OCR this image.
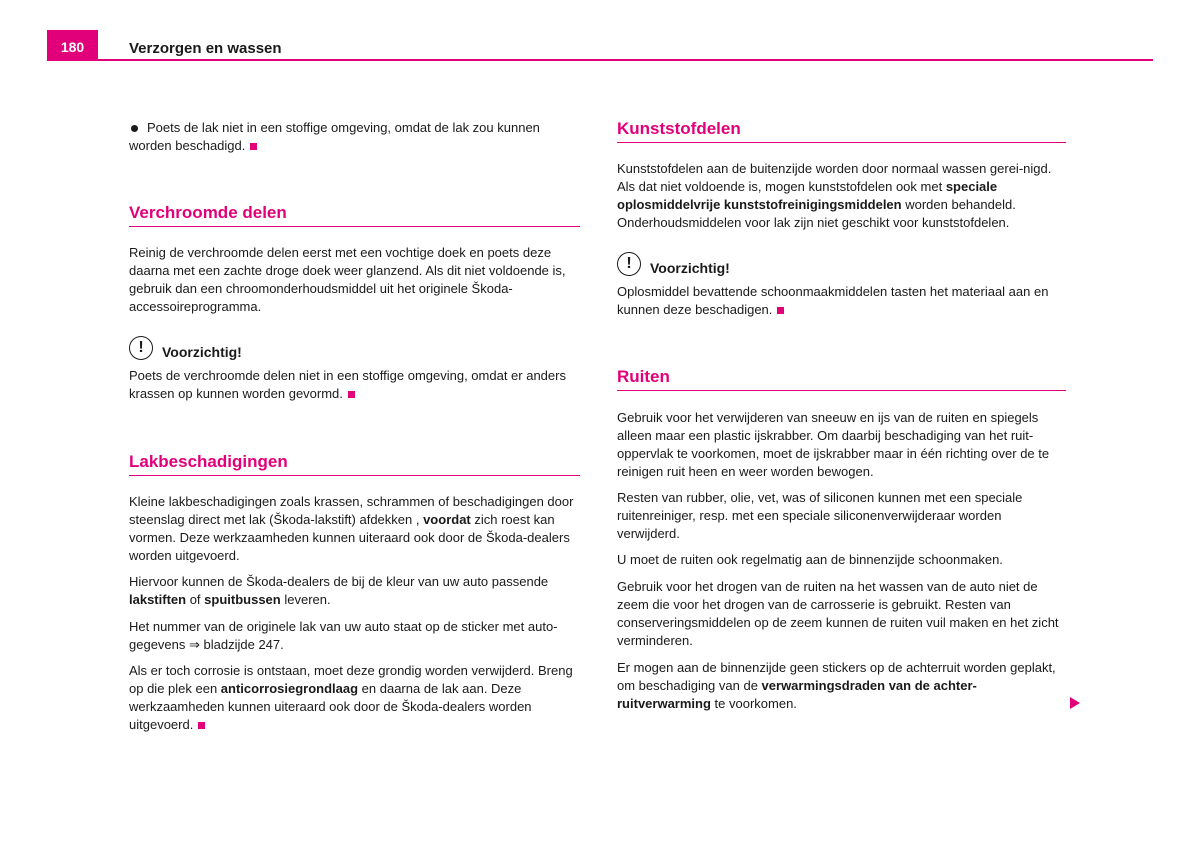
180	Verzorgen en wassen
Poets de lak niet in een stoffige omgeving, omdat de lak zou kunnen worden beschadigd.
Verchroomde delen
Reinig de verchroomde delen eerst met een vochtige doek en poets deze daarna met een zachte droge doek weer glanzend. Als dit niet voldoende is, gebruik dan een chroomonderhoudsmiddel uit het originele Škoda-accessoireprogramma.
!	Voorzichtig!
Poets de verchroomde delen niet in een stoffige omgeving, omdat er anders krassen op kunnen worden gevormd.
Lakbeschadigingen
Kleine lakbeschadigingen zoals krassen, schrammen of beschadigingen door steenslag direct met lak (Škoda-lakstift) afdekken , voordat zich roest kan vormen. Deze werkzaamheden kunnen uiteraard ook door de Škoda-dealers worden uitgevoerd.
Hiervoor kunnen de Škoda-dealers de bij de kleur van uw auto passende lakstiften of spuitbussen leveren.
Het nummer van de originele lak van uw auto staat op de sticker met auto-gegevens ⇒ bladzijde 247.
Als er toch corrosie is ontstaan, moet deze grondig worden verwijderd. Breng op die plek een anticorrosiegrondlaag en daarna de lak aan. Deze werkzaamheden kunnen uiteraard ook door de Škoda-dealers worden uitgevoerd.
Kunststofdelen
Kunststofdelen aan de buitenzijde worden door normaal wassen gerei-nigd. Als dat niet voldoende is, mogen kunststofdelen ook met speciale oplosmiddelvrije kunststofreinigingsmiddelen worden behandeld. Onderhoudsmiddelen voor lak zijn niet geschikt voor kunststofdelen.
!	Voorzichtig!
Oplosmiddel bevattende schoonmaakmiddelen tasten het materiaal aan en kunnen deze beschadigen.
Ruiten
Gebruik voor het verwijderen van sneeuw en ijs van de ruiten en spiegels alleen maar een plastic ijskrabber. Om daarbij beschadiging van het ruit-oppervlak te voorkomen, moet de ijskrabber maar in één richting over de te reinigen ruit heen en weer worden bewogen.
Resten van rubber, olie, vet, was of siliconen kunnen met een speciale ruitenreiniger, resp. met een speciale siliconenverwijderaar worden verwijderd.
U moet de ruiten ook regelmatig aan de binnenzijde schoonmaken.
Gebruik voor het drogen van de ruiten na het wassen van de auto niet de zeem die voor het drogen van de carrosserie is gebruikt. Resten van conserveringsmiddelen op de zeem kunnen de ruiten vuil maken en het zicht verminderen.
Er mogen aan de binnenzijde geen stickers op de achterruit worden geplakt, om beschadiging van de verwarmingsdraden van de achter-ruitverwarming te voorkomen.
